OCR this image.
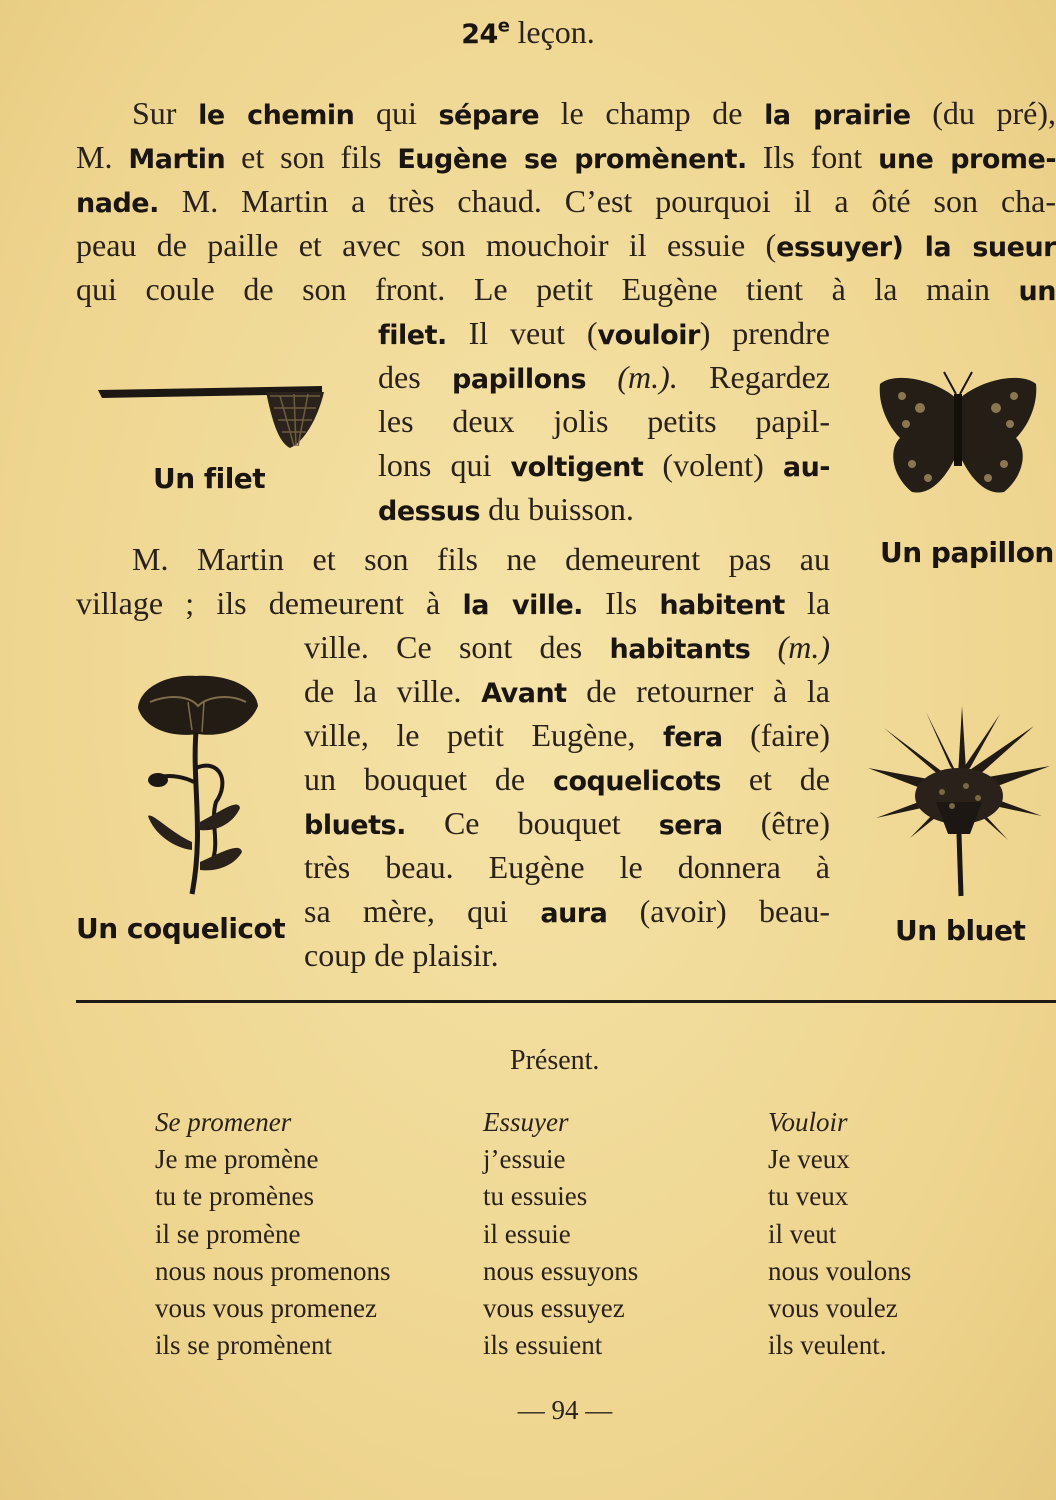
24e leçon.
Sur le chemin qui sépare le champ de la prairie (du pré),
M. Martin et son fils Eugène se promènent. Ils font une prome-
nade. M. Martin a très chaud. C’est pourquoi il a ôté son cha-
peau de paille et avec son mouchoir il essuie (essuyer) la sueur
qui coule de son front. Le petit Eugène tient à la main un
filet. Il veut (vouloir) prendre
des papillons (m.). Regardez
les deux jolis petits papil-
lons qui voltigent (volent) au-
dessus du buisson.
M. Martin et son fils ne demeurent pas au
village ; ils demeurent à la ville. Ils habitent la
ville. Ce sont des habitants (m.)
de la ville. Avant de retourner à la
ville, le petit Eugène, fera (faire)
un bouquet de coquelicots et de
bluets. Ce bouquet sera (être)
très beau. Eugène le donnera à
sa mère, qui aura (avoir) beau-
coup de plaisir.
Un filet
Un papillon
Un coquelicot	Un bluet
Présent.
Se promener
Je me promène
tu te promènes
il se promène
nous nous promenons
vous vous promenez
ils se promènent
Essuyer
j’essuie
tu essuies
il essuie
nous essuyons
vous essuyez
ils essuient
Vouloir
Je veux
tu veux
il veut
nous voulons
vous voulez
ils veulent.
— 94 —
